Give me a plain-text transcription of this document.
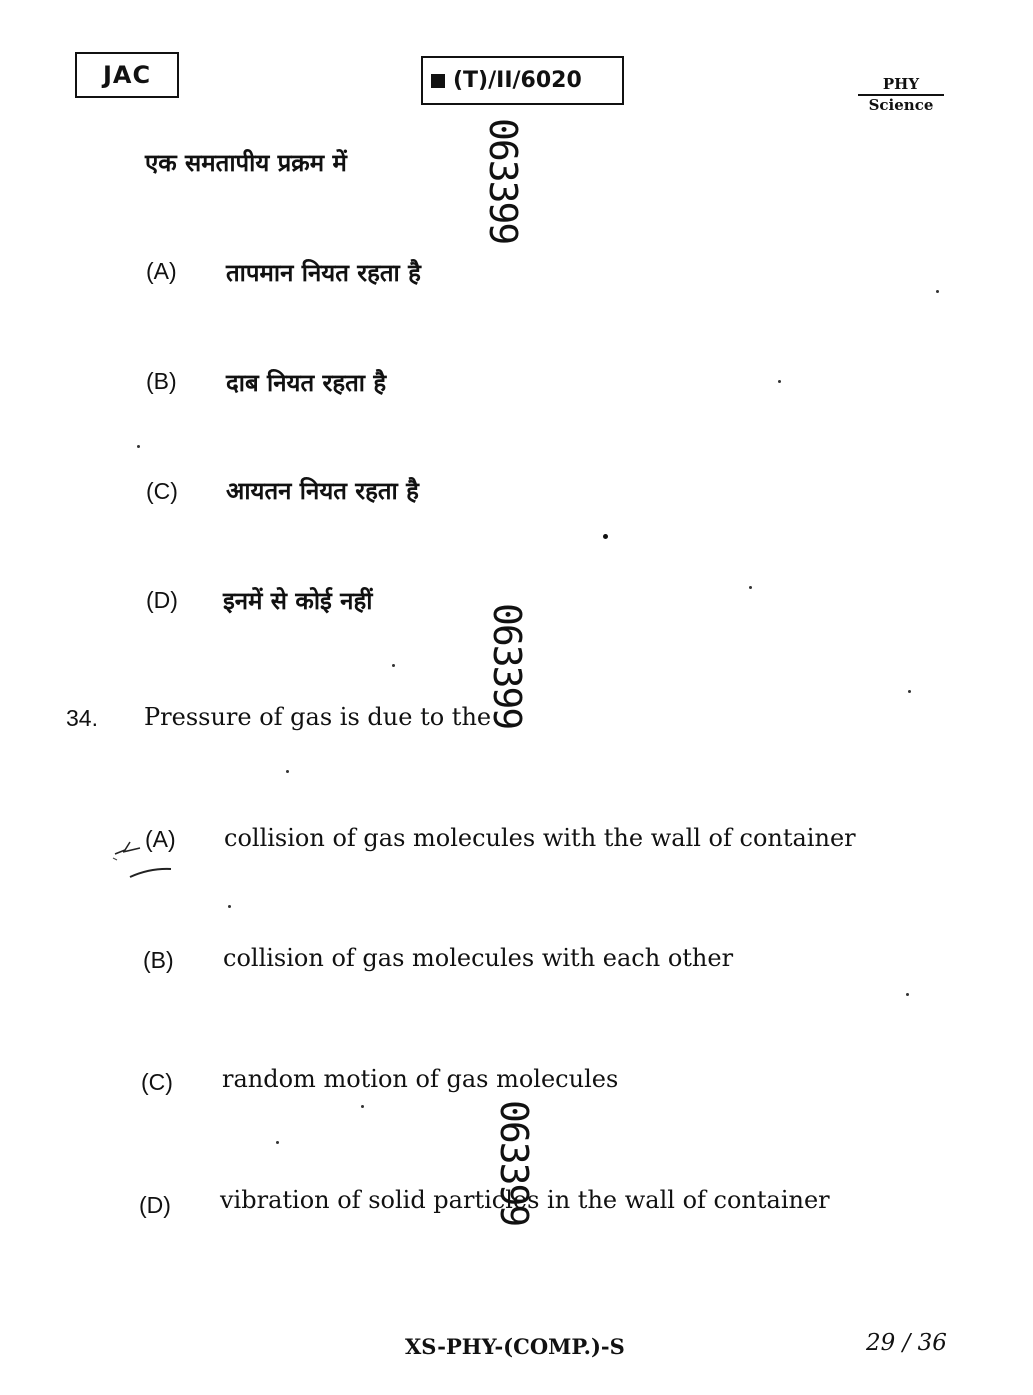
JAC	(T)/II/6020	PHY
Science
एक समतापीय प्रक्रम में
(A) तापमान नियत रहता है
(B) दाब नियत रहता है
(C) आयतन नियत रहता है
(D) इनमें से कोई नहीं
34. Pressure of gas is due to the
(A) collision of gas molecules with the wall of container
(B) collision of gas molecules with each other
(C) random motion of gas molecules
(D) vibration of solid particles in the wall of container
063399
063399
063399
XS-PHY-(COMP.)-S	29 / 36
